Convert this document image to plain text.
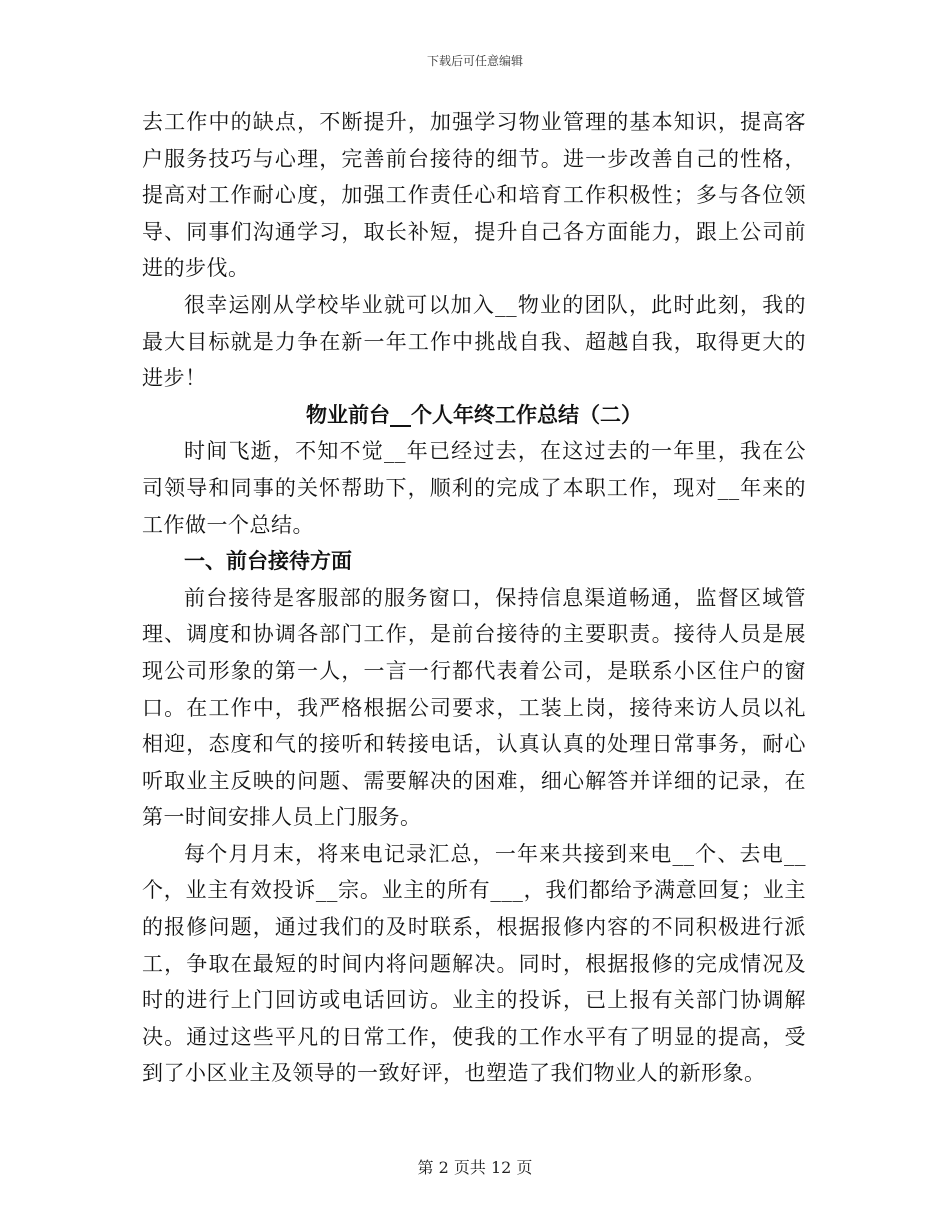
下载后可任意编辑

去工作中的缺点，不断提升，加强学习物业管理的基本知识，提高客户服务技巧与心理，完善前台接待的细节。进一步改善自己的性格，提高对工作耐心度，加强工作责任心和培育工作积极性；多与各位领导、同事们沟通学习，取长补短，提升自己各方面能力，跟上公司前进的步伐。

很幸运刚从学校毕业就可以加入__物业的团队，此时此刻，我的最大目标就是力争在新一年工作中挑战自我、超越自我，取得更大的进步！

物业前台__个人年终工作总结（二）

时间飞逝，不知不觉__年已经过去，在这过去的一年里，我在公司领导和同事的关怀帮助下，顺利的完成了本职工作，现对__年来的工作做一个总结。

一、前台接待方面

前台接待是客服部的服务窗口，保持信息渠道畅通，监督区域管理、调度和协调各部门工作，是前台接待的主要职责。接待人员是展现公司形象的第一人，一言一行都代表着公司，是联系小区住户的窗口。在工作中，我严格根据公司要求，工装上岗，接待来访人员以礼相迎，态度和气的接听和转接电话，认真认真的处理日常事务，耐心听取业主反映的问题、需要解决的困难，细心解答并详细的记录，在第一时间安排人员上门服务。

每个月月末，将来电记录汇总，一年来共接到来电__个、去电__个，业主有效投诉__宗。业主的所有___，我们都给予满意回复；业主的报修问题，通过我们的及时联系，根据报修内容的不同积极进行派工，争取在最短的时间内将问题解决。同时，根据报修的完成情况及时的进行上门回访或电话回访。业主的投诉，已上报有关部门协调解决。通过这些平凡的日常工作，使我的工作水平有了明显的提高，受到了小区业主及领导的一致好评，也塑造了我们物业人的新形象。

第 2 页共 12 页
